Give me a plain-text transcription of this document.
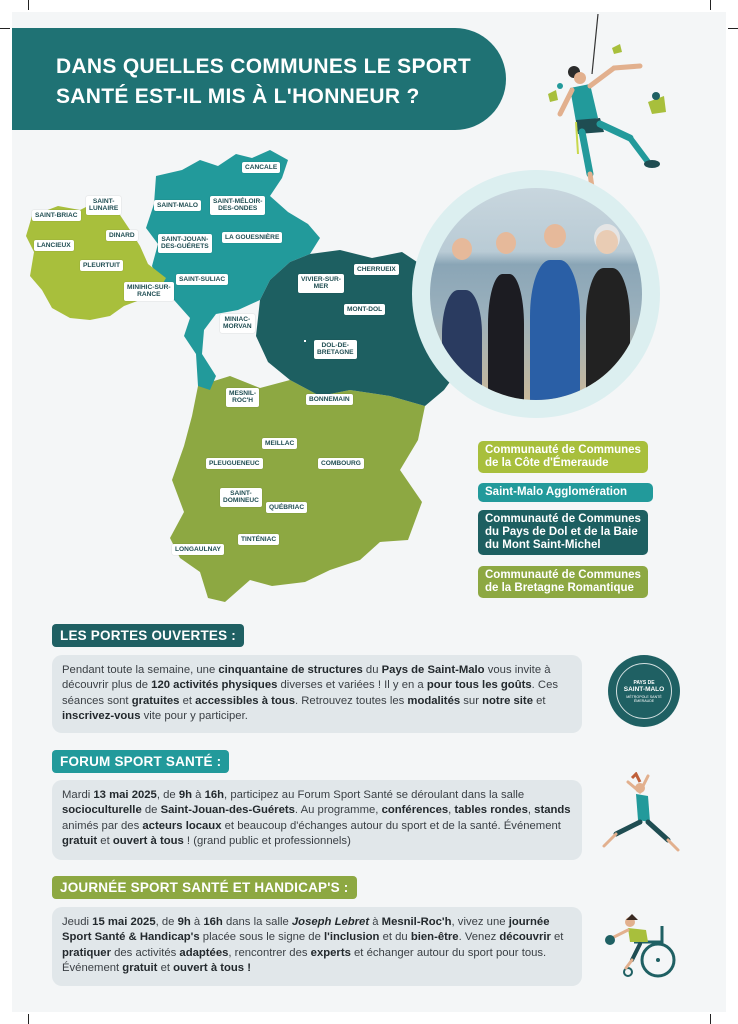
DANS QUELLES COMMUNES LE SPORT SANTÉ EST-IL MIS À L'HONNEUR ?
CANCALE
SAINT-
LUNAIRE	SAINT-MALO
SAINT-MÉLOIR-
DES-ONDES
SAINT-BRIAC
DINARD
SAINT-JOUAN-
DES-GUÉRETS
LA GOUESNIÈRE
LANCIEUX
PLEURTUIT
CHERRUEIX
SAINT-SULIAC	VIVIER-SUR-
MER
MINIHIC-SUR-
RANCE
MONT-DOL
MINIAC-
MORVAN
DOL-DE-
BRETAGNE
MESNIL-
ROC'H	BONNEMAIN
MEILLAC
PLEUGUENEUC	COMBOURG
SAINT-
DOMINEUC
QUÉBRIAC
TINTÉNIAC
LONGAULNAY
Communauté de Communes
de la Côte d'Émeraude
Saint-Malo Agglomération
Communauté de Communes
du Pays de Dol et de la Baie
du Mont Saint-Michel
Communauté de Communes
de la Bretagne Romantique
LES PORTES OUVERTES :
Pendant toute la semaine, une cinquantaine de structures du Pays de Saint-Malo vous invite à découvrir plus de 120 activités physiques diverses et variées ! Il y en a pour tous les goûts. Ces séances sont gratuites et accessibles à tous. Retrouvez toutes les modalités sur notre site et inscrivez-vous vite pour y participer.
PAYS DE
SAINT-MALO
MÉTROPOLE SANTÉ ÉMERAUDE
FORUM SPORT SANTÉ :
Mardi 13 mai 2025, de 9h à 16h, participez au Forum Sport Santé se déroulant dans la salle socioculturelle de Saint-Jouan-des-Guérets. Au programme, conférences, tables rondes, stands animés par des acteurs locaux et beaucoup d'échanges autour du sport et de la santé. Événement gratuit et ouvert à tous ! (grand public et professionnels)
JOURNÉE SPORT SANTÉ ET HANDICAP'S :
Jeudi 15 mai 2025, de 9h à 16h dans la salle Joseph Lebret à Mesnil-Roc'h, vivez une journée Sport Santé & Handicap's placée sous le signe de l'inclusion et du bien-être. Venez découvrir et pratiquer des activités adaptées, rencontrer des experts et échanger autour du sport pour tous. Événement gratuit et ouvert à tous !
